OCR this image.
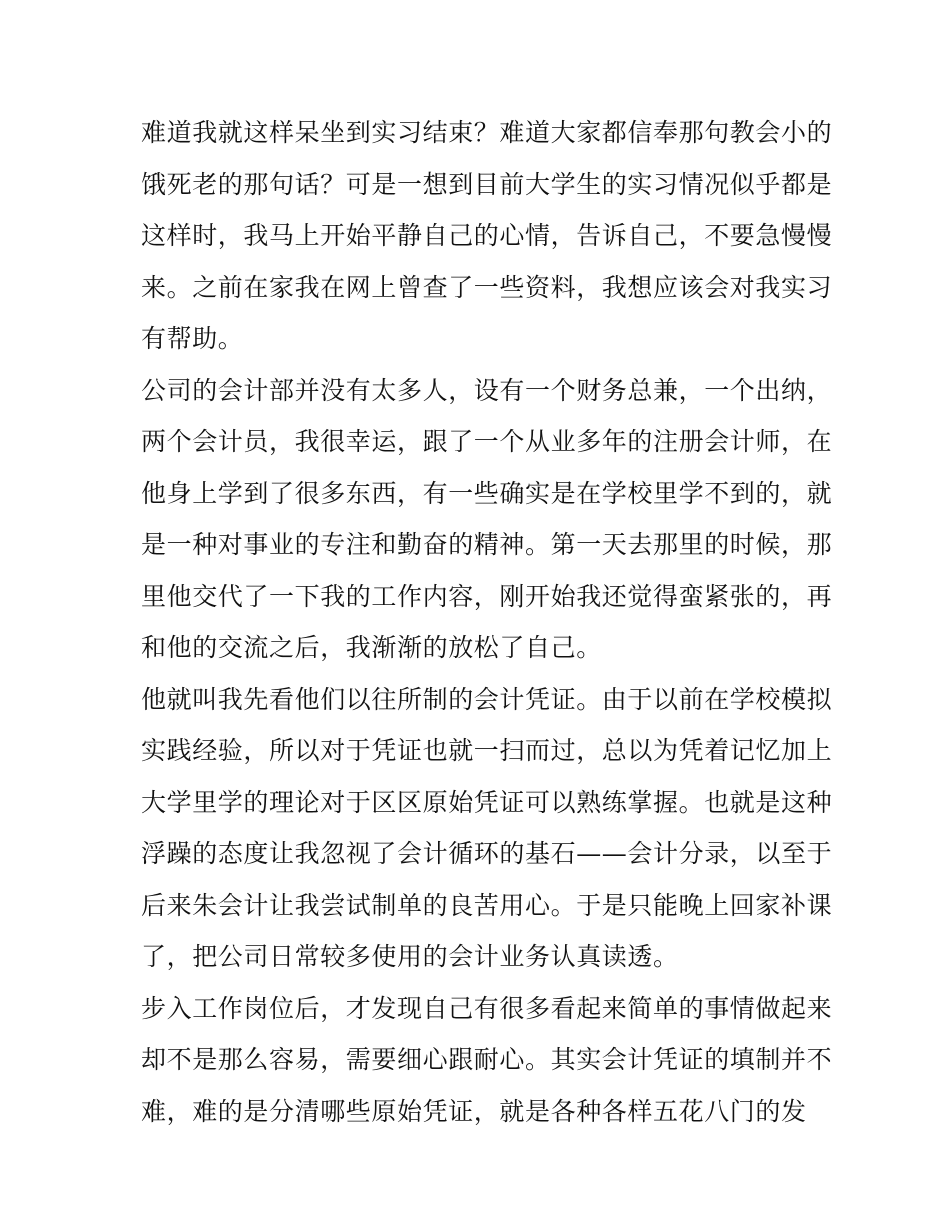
难道我就这样呆坐到实习结束？难道大家都信奉那句教会小的
饿死老的那句话？可是一想到目前大学生的实习情况似乎都是
这样时，我马上开始平静自己的心情，告诉自己，不要急慢慢
来。之前在家我在网上曾查了一些资料，我想应该会对我实习
有帮助。

公司的会计部并没有太多人，设有一个财务总兼，一个出纳，
两个会计员，我很幸运，跟了一个从业多年的注册会计师，在
他身上学到了很多东西，有一些确实是在学校里学不到的，就
是一种对事业的专注和勤奋的精神。第一天去那里的时候，那
里他交代了一下我的工作内容，刚开始我还觉得蛮紧张的，再
和他的交流之后，我渐渐的放松了自己。

他就叫我先看他们以往所制的会计凭证。由于以前在学校模拟
实践经验，所以对于凭证也就一扫而过，总以为凭着记忆加上
大学里学的理论对于区区原始凭证可以熟练掌握。也就是这种
浮躁的态度让我忽视了会计循环的基石——会计分录，以至于
后来朱会计让我尝试制单的良苦用心。于是只能晚上回家补课
了，把公司日常较多使用的会计业务认真读透。

步入工作岗位后，才发现自己有很多看起来简单的事情做起来
却不是那么容易，需要细心跟耐心。其实会计凭证的填制并不
难，难的是分清哪些原始凭证，就是各种各样五花八门的发
